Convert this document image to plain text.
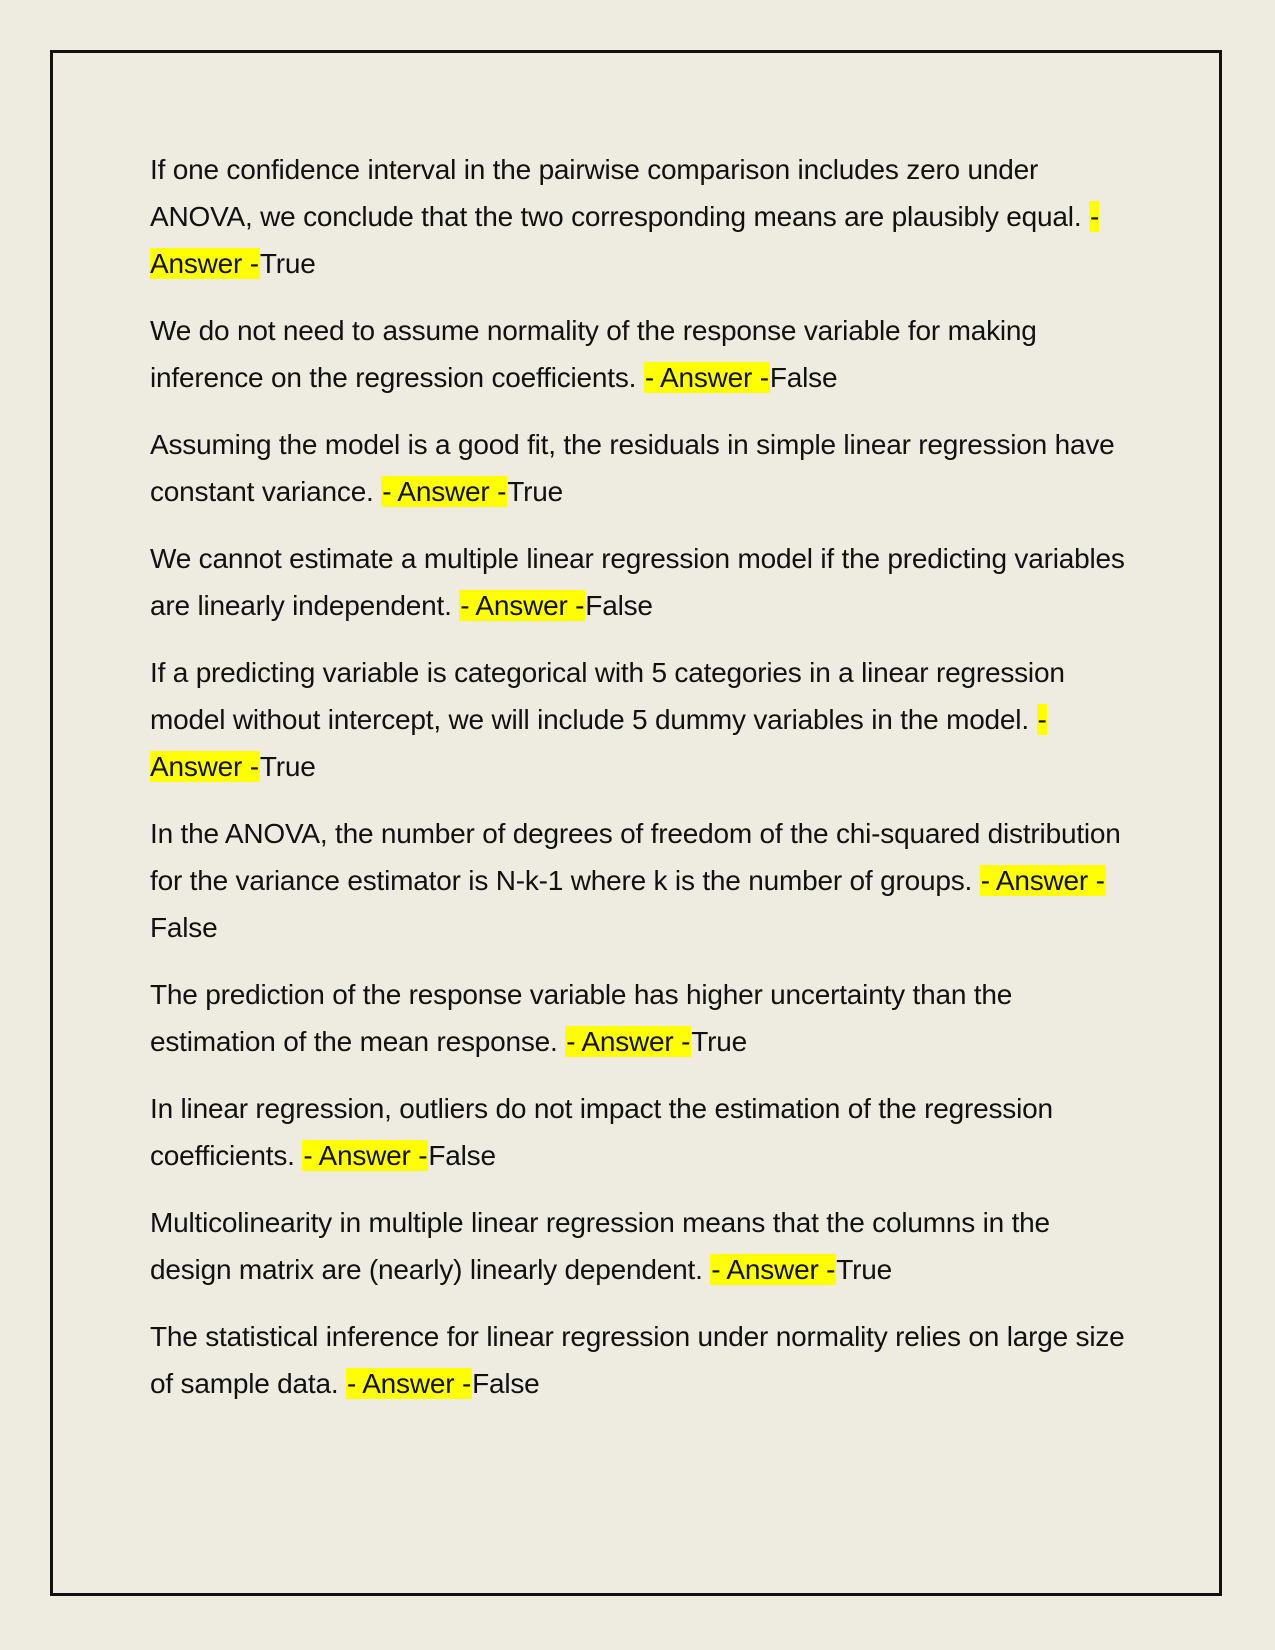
If one confidence interval in the pairwise comparison includes zero under ANOVA, we conclude that the two corresponding means are plausibly equal. - Answer -True

We do not need to assume normality of the response variable for making inference on the regression coefficients. - Answer -False

Assuming the model is a good fit, the residuals in simple linear regression have constant variance. - Answer -True

We cannot estimate a multiple linear regression model if the predicting variables are linearly independent. - Answer -False

If a predicting variable is categorical with 5 categories in a linear regression model without intercept, we will include 5 dummy variables in the model. - Answer -True

In the ANOVA, the number of degrees of freedom of the chi-squared distribution for the variance estimator is N-k-1 where k is the number of groups. - Answer -False

The prediction of the response variable has higher uncertainty than the estimation of the mean response. - Answer -True

In linear regression, outliers do not impact the estimation of the regression coefficients. - Answer -False

Multicolinearity in multiple linear regression means that the columns in the design matrix are (nearly) linearly dependent. - Answer -True

The statistical inference for linear regression under normality relies on large size of sample data. - Answer -False
